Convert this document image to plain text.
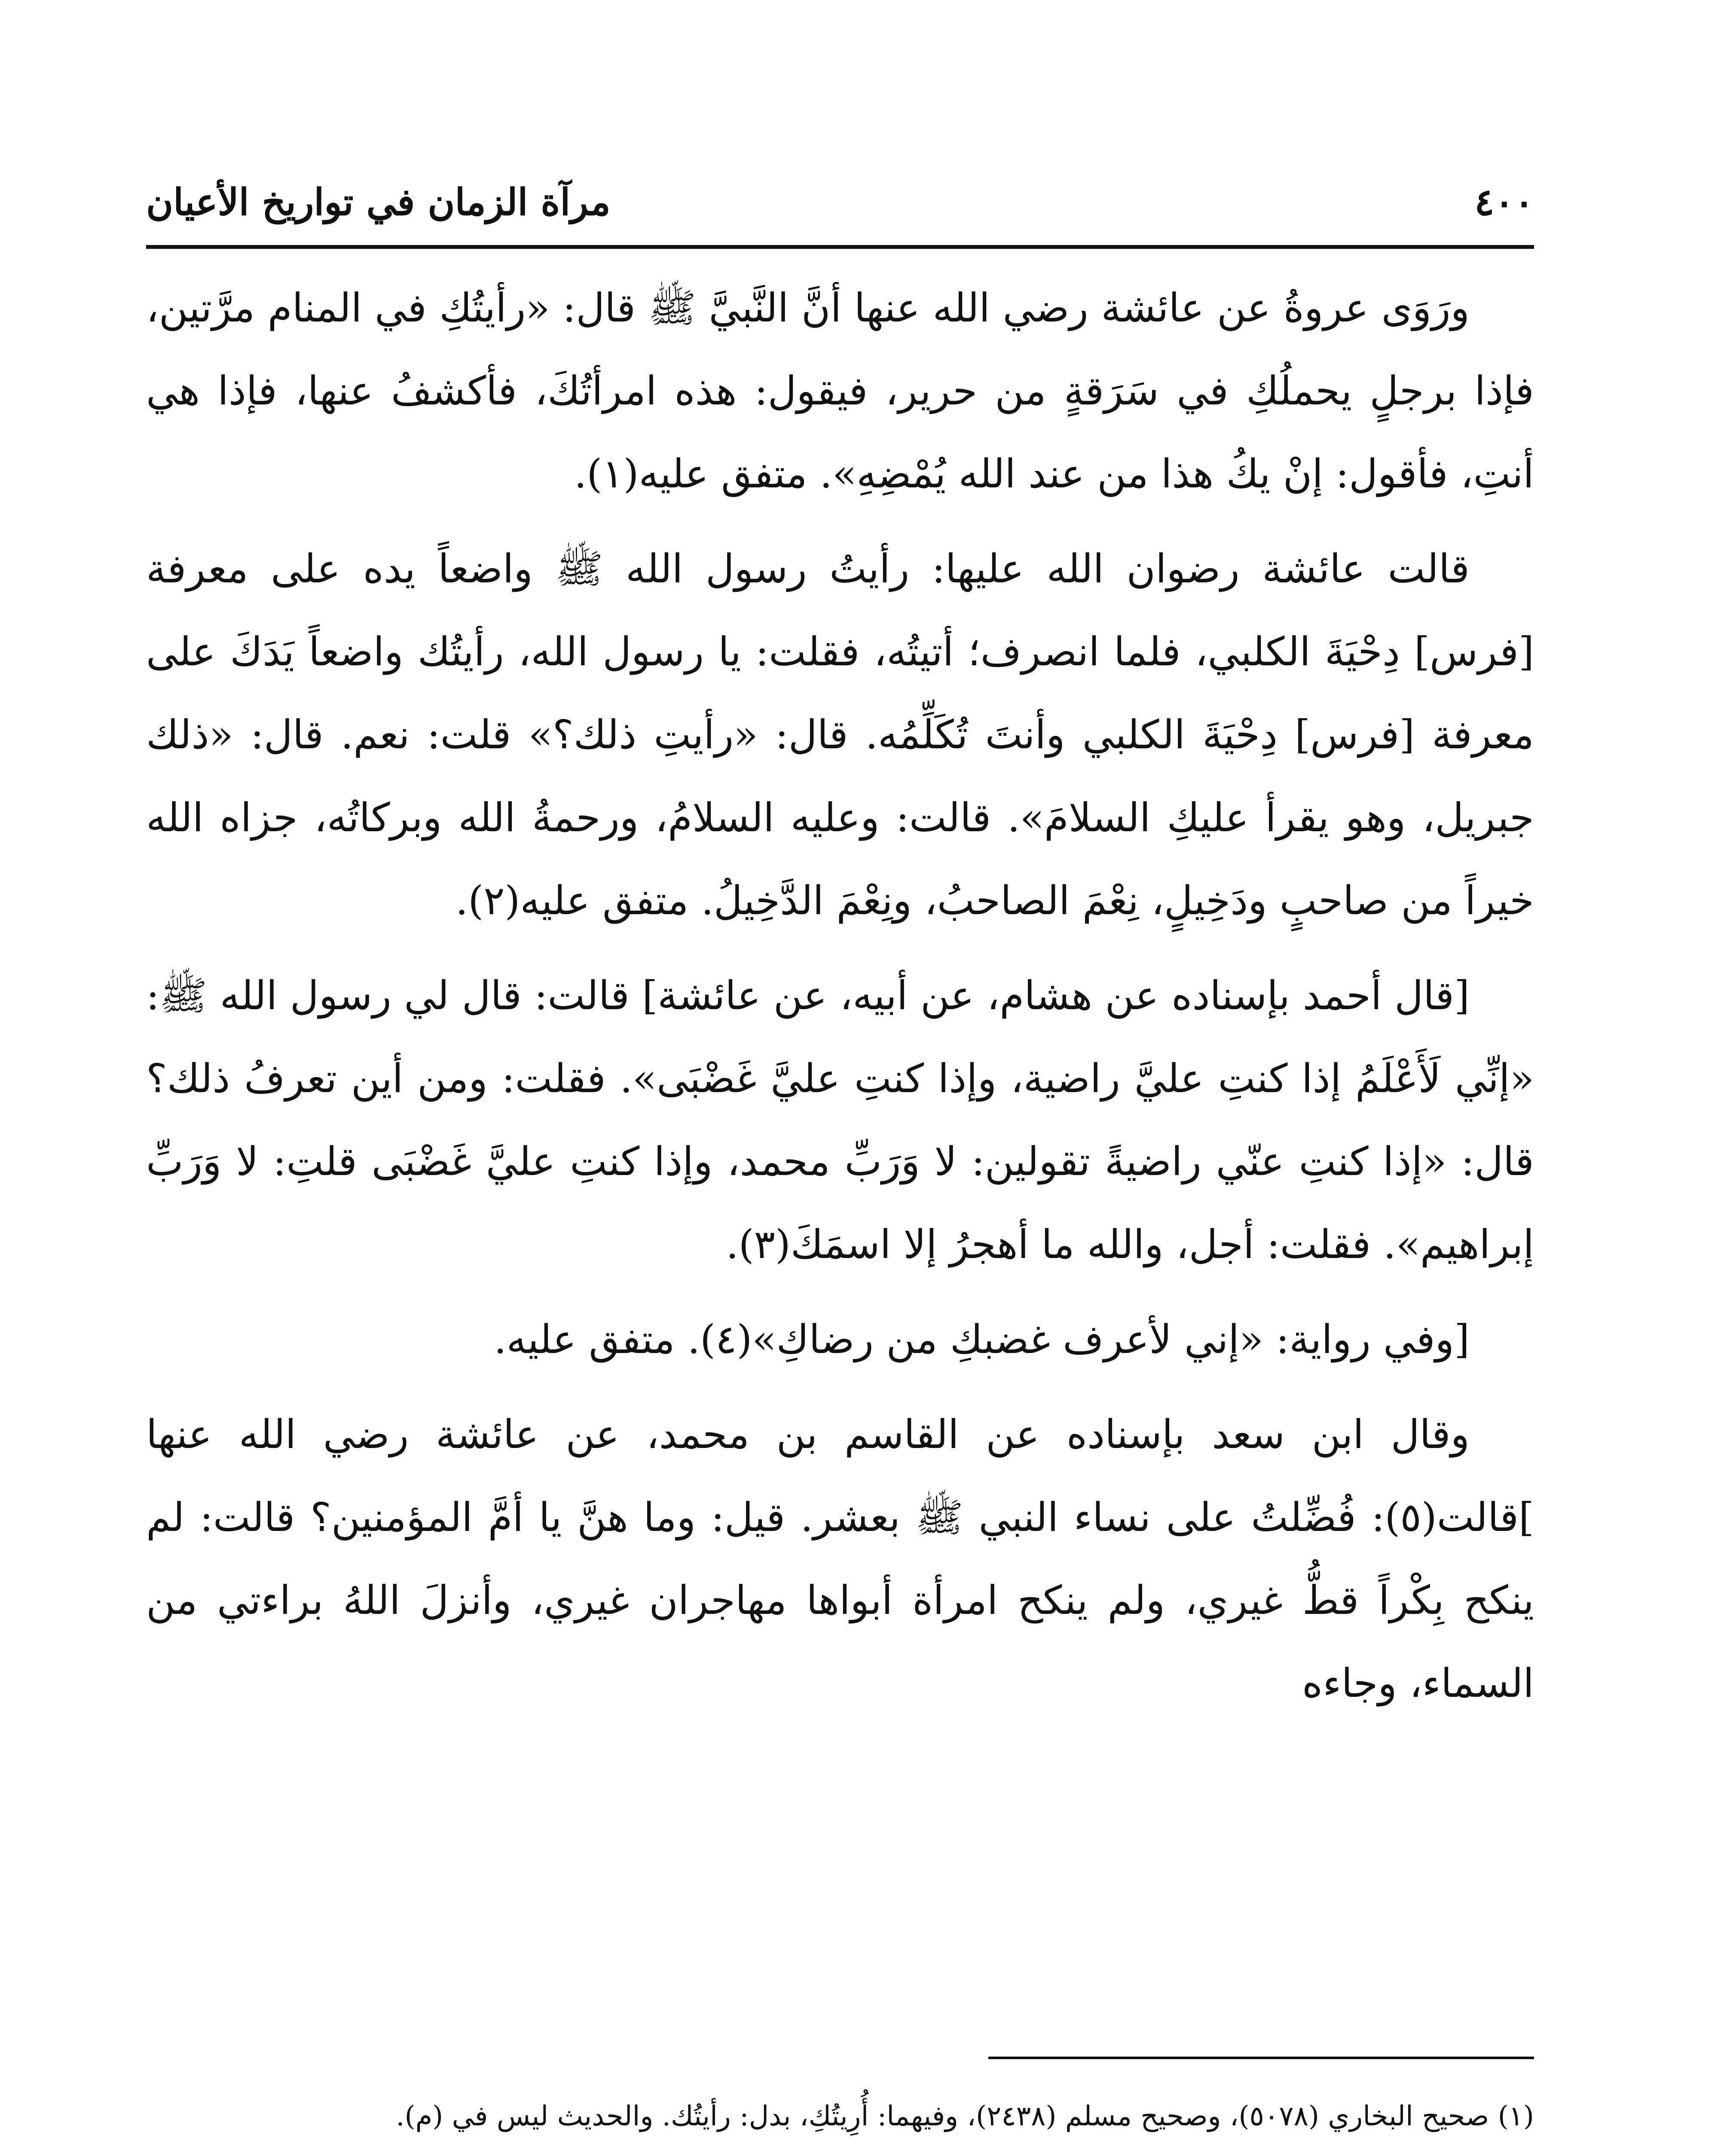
٤٠٠
مرآة الزمان في تواريخ الأعيان

ورَوَى عروةُ عن عائشة رضي الله عنها أنَّ النَّبيَّ ﷺ قال: «رأيتُكِ في المنام مرَّتين، فإذا برجلٍ يحملُكِ في سَرَقةٍ من حرير، فيقول: هذه امرأتُكَ، فأكشفُ عنها، فإذا هي أنتِ، فأقول: إنْ يكُ هذا من عند الله يُمْضِهِ». متفق عليه(١).

قالت عائشة رضوان الله عليها: رأيتُ رسول الله ﷺ واضعاً يده على معرفة [فرس] دِحْيَةَ الكلبي، فلما انصرف؛ أتيتُه، فقلت: يا رسول الله، رأيتُك واضعاً يَدَكَ على معرفة [فرس] دِحْيَةَ الكلبي وأنتَ تُكَلِّمُه. قال: «رأيتِ ذلك؟» قلت: نعم. قال: «ذلك جبريل، وهو يقرأ عليكِ السلامَ». قالت: وعليه السلامُ، ورحمةُ الله وبركاتُه، جزاه الله خيراً من صاحبٍ ودَخِيلٍ، نِعْمَ الصاحبُ، ونِعْمَ الدَّخِيلُ. متفق عليه(٢).

[قال أحمد بإسناده عن هشام، عن أبيه، عن عائشة] قالت: قال لي رسول الله ﷺ: «إنِّي لَأَعْلَمُ إذا كنتِ عليَّ راضية، وإذا كنتِ عليَّ غَضْبَى». فقلت: ومن أين تعرفُ ذلك؟ قال: «إذا كنتِ عنّي راضيةً تقولين: لا وَرَبِّ محمد، وإذا كنتِ عليَّ غَضْبَى قلتِ: لا وَرَبِّ إبراهيم». فقلت: أجل، والله ما أهجرُ إلا اسمَكَ(٣).

[وفي رواية: «إني لأعرف غضبكِ من رضاكِ»(٤). متفق عليه.

وقال ابن سعد بإسناده عن القاسم بن محمد، عن عائشة رضي الله عنها ]قالت(٥): فُضِّلتُ على نساء النبي ﷺ بعشر. قيل: وما هنَّ يا أمَّ المؤمنين؟ قالت: لم ينكح بِكْراً قطُّ غيري، ولم ينكح امرأة أبواها مهاجران غيري، وأنزلَ اللهُ براءتي من السماء، وجاءه

(١) صحيح البخاري (٥٠٧٨)، وصحيح مسلم (٢٤٣٨)، وفيهما: أُرِيتُكِ، بدل: رأيتُك. والحديث ليس في (م).
